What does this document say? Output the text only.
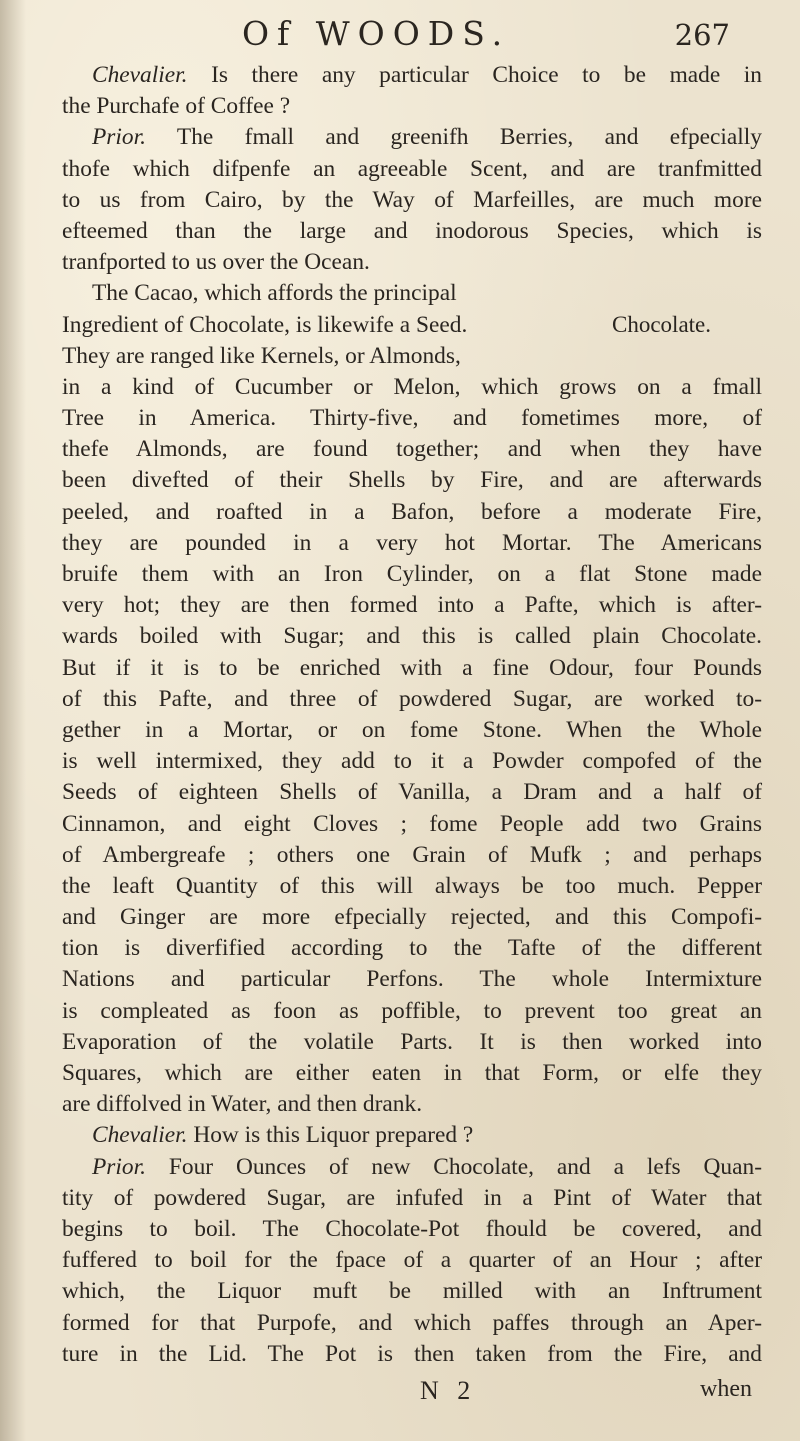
Of WOODS.	267
Chevalier. Is there any particular Choice to be made in
the Purchafe of Coffee ?
Prior. The fmall and greenifh Berries, and efpecially
thofe which difpenfe an agreeable Scent, and are tranfmitted
to us from Cairo, by the Way of Marfeilles, are much more
efteemed than the large and inodorous Species, which is
tranfported to us over the Ocean.
The Cacao, which affords the principal
Ingredient of Chocolate, is likewife a Seed.
They are ranged like Kernels, or Almonds,
in a kind of Cucumber or Melon, which grows on a fmall
Tree in America. Thirty-five, and fometimes more, of
thefe Almonds, are found together; and when they have
been divefted of their Shells by Fire, and are afterwards
peeled, and roafted in a Bafon, before a moderate Fire,
they are pounded in a very hot Mortar. The Americans
bruife them with an Iron Cylinder, on a flat Stone made
very hot; they are then formed into a Pafte, which is after-
wards boiled with Sugar; and this is called plain Chocolate.
But if it is to be enriched with a fine Odour, four Pounds
of this Pafte, and three of powdered Sugar, are worked to-
gether in a Mortar, or on fome Stone. When the Whole
is well intermixed, they add to it a Powder compofed of the
Seeds of eighteen Shells of Vanilla, a Dram and a half of
Cinnamon, and eight Cloves ; fome People add two Grains
of Ambergreafe ; others one Grain of Mufk ; and perhaps
the leaft Quantity of this will always be too much. Pepper
and Ginger are more efpecially rejected, and this Compofi-
tion is diverfified according to the Tafte of the different
Nations and particular Perfons. The whole Intermixture
is compleated as foon as poffible, to prevent too great an
Evaporation of the volatile Parts. It is then worked into
Squares, which are either eaten in that Form, or elfe they
are diffolved in Water, and then drank.
Chevalier. How is this Liquor prepared ?
Prior. Four Ounces of new Chocolate, and a lefs Quan-
tity of powdered Sugar, are infufed in a Pint of Water that
begins to boil. The Chocolate-Pot fhould be covered, and
fuffered to boil for the fpace of a quarter of an Hour ; after
which, the Liquor muft be milled with an Inftrument
formed for that Purpofe, and which paffes through an Aper-
ture in the Lid. The Pot is then taken from the Fire, and
Chocolate.
N 2	when
